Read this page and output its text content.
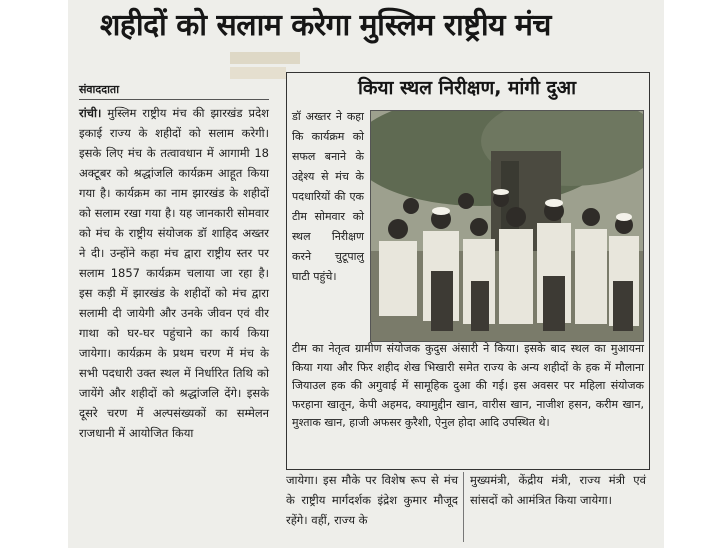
शहीदों को सलाम करेगा मुस्लिम राष्ट्रीय मंच
संवाददाता

रांची। मुस्लिम राष्ट्रीय मंच की झारखंड प्रदेश इकाई राज्य के शहीदों को सलाम करेगी। इसके लिए मंच के तत्वावधान में आगामी 18 अक्टूबर को श्रद्धांजलि कार्यक्रम आहूत किया गया है। कार्यक्रम का नाम झारखंड के शहीदों को सलाम रखा गया है। यह जानकारी सोमवार को मंच के राष्ट्रीय संयोजक डॉ शाहिद अख्तर ने दी। उन्होंने कहा मंच द्वारा राष्ट्रीय स्तर पर सलाम 1857 कार्यक्रम चलाया जा रहा है। इस कड़ी में झारखंड के शहीदों को मंच द्वारा सलामी दी जायेगी और उनके जीवन एवं वीर गाथा को घर-घर पहुंचाने का कार्य किया जायेगा। कार्यक्रम के प्रथम चरण में मंच के सभी पदधारी उक्त स्थल में निर्धारित तिथि को जायेंगे और शहीदों को श्रद्धांजलि देंगे। इसके दूसरे चरण में अल्पसंख्यकों का सम्मेलन राजधानी में आयोजित किया

किया स्थल निरीक्षण, मांगी दुआ

डॉ अख्तर ने कहा कि कार्यक्रम को सफल बनाने के उद्देश्य से मंच के पदधारियों की एक टीम सोमवार को स्थल निरीक्षण करने चुटूपालु घाटी पहुंचे।

टीम का नेतृत्व ग्रामीण संयोजक कुदुस अंसारी ने किया। इसके बाद स्थल का मुआयना किया गया और फिर शहीद शेख भिखारी समेत राज्य के अन्य शहीदों के हक में मौलाना जियाउल हक की अगुवाई में सामूहिक दुआ की गई। इस अवसर पर महिला संयोजक फरहाना खातून, केपी अहमद, क्यामुद्दीन खान, वारीस खान, नाजीश हसन, करीम खान, मुश्ताक खान, हाजी अफसर कुरैशी, ऐनुल होदा आदि उपस्थित थे।

जायेगा। इस मौके पर विशेष रूप से मंच के राष्ट्रीय मार्गदर्शक इंद्रेश कुमार मौजूद रहेंगे। वहीं, राज्य के

मुख्यमंत्री, केंद्रीय मंत्री, राज्य मंत्री एवं सांसदों को आमंत्रित किया जायेगा।
